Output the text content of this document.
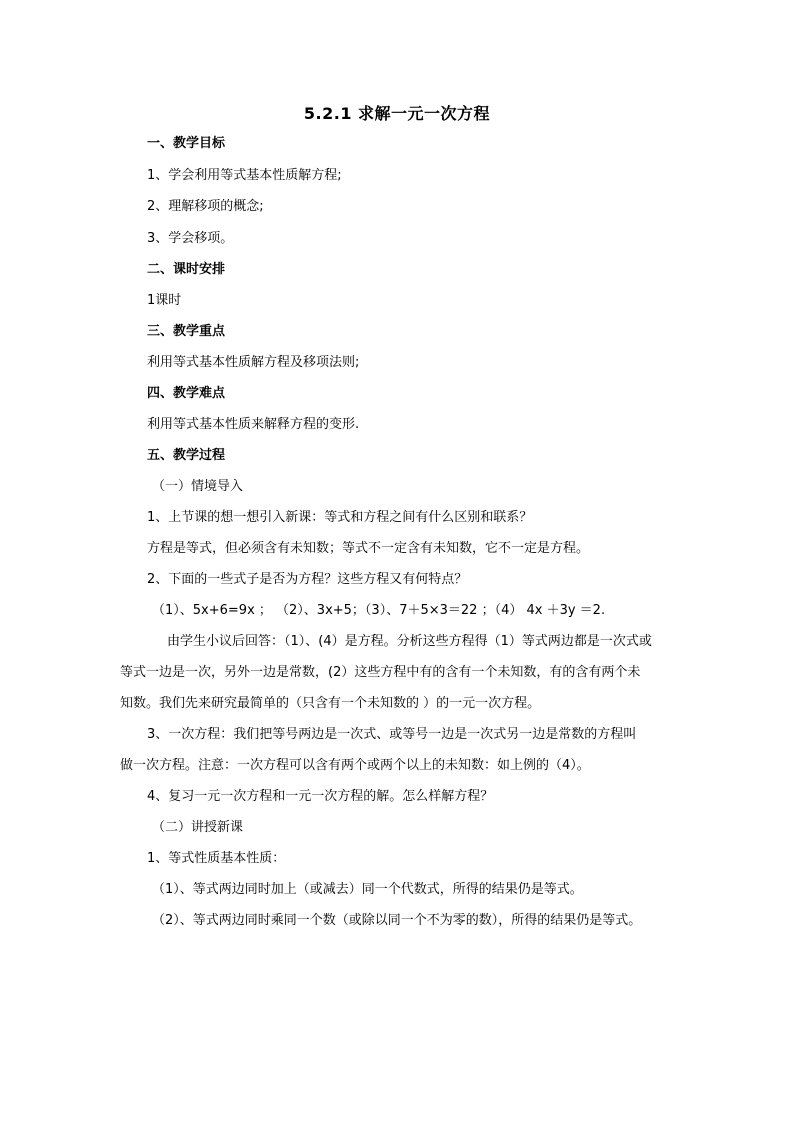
5.2.1 求解一元一次方程
一、教学目标
1、学会利用等式基本性质解方程;
2、理解移项的概念;
3、学会移项。
二、课时安排
1课时
三、教学重点
利用等式基本性质解方程及移项法则;
四、教学难点
利用等式基本性质来解释方程的变形.
五、教学过程
（一）情境导入
1、上节课的想一想引入新课：等式和方程之间有什么区别和联系？
方程是等式，但必须含有未知数；等式不一定含有未知数，它不一定是方程。
2、下面的一些式子是否为方程？这些方程又有何特点？
（1）、5x+6=9x ； （2）、3x+5；（3）、7＋5×3＝22 ；（4） 4x ＋3y ＝2.
由学生小议后回答：（1）、(4）是方程。分析这些方程得（1）等式两边都是一次式或
等式一边是一次，另外一边是常数，(2）这些方程中有的含有一个未知数，有的含有两个未
知数。我们先来研究最简单的（只含有一个未知数的 ）的一元一次方程。
3、一次方程：我们把等号两边是一次式、或等号一边是一次式另一边是常数的方程叫
做一次方程。注意：一次方程可以含有两个或两个以上的未知数：如上例的（4）。
4、复习一元一次方程和一元一次方程的解。怎么样解方程？
（二）讲授新课
1、等式性质基本性质：
（1）、等式两边同时加上（或减去）同一个代数式，所得的结果仍是等式。
（2）、等式两边同时乘同一个数（或除以同一个不为零的数），所得的结果仍是等式。
